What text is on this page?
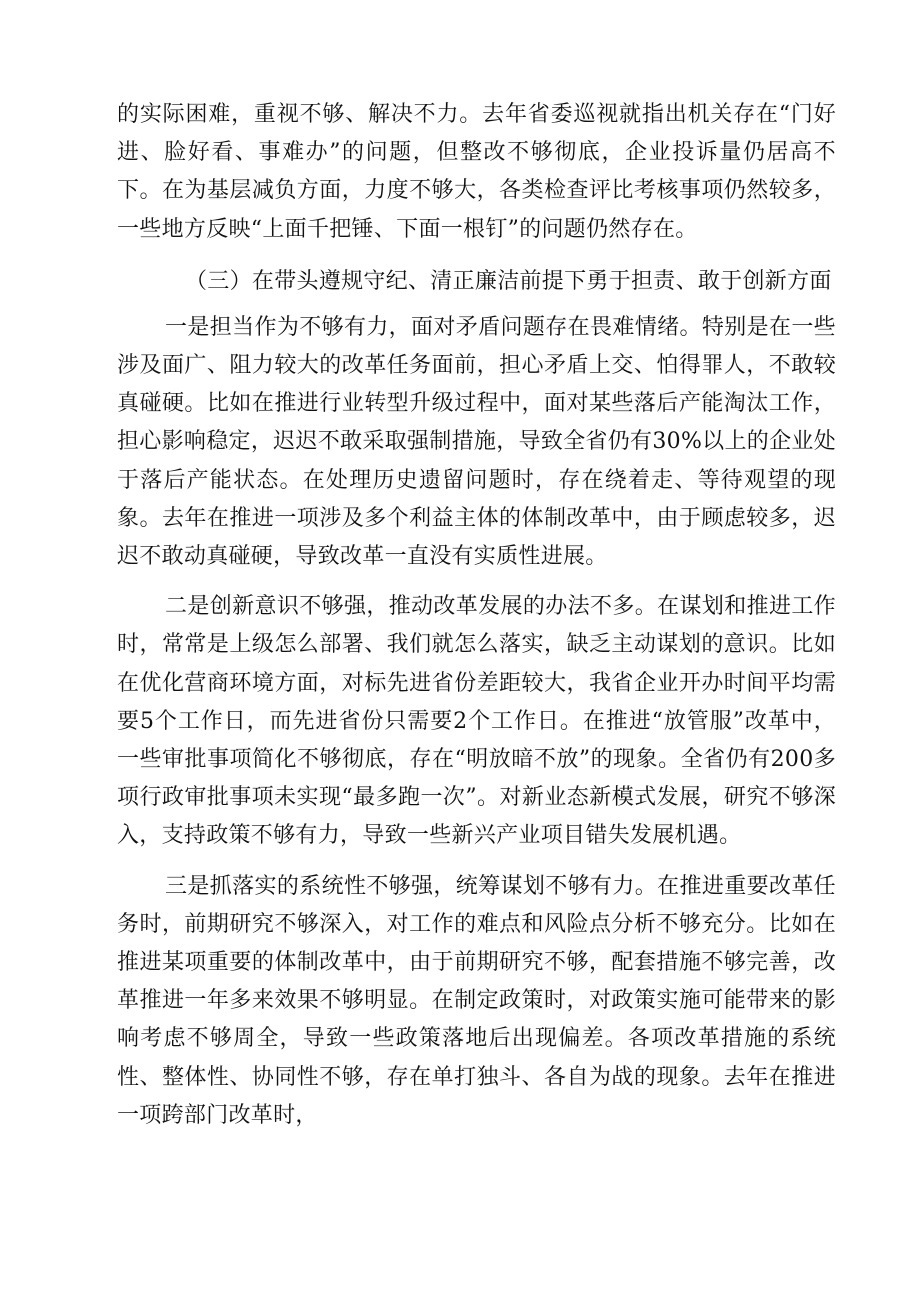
的实际困难，重视不够、解决不力。去年省委巡视就指出机关存在“门好进、脸好看、事难办”的问题，但整改不够彻底，企业投诉量仍居高不下。在为基层减负方面，力度不够大，各类检查评比考核事项仍然较多，一些地方反映“上面千把锤、下面一根钉”的问题仍然存在。

（三）在带头遵规守纪、清正廉洁前提下勇于担责、敢于创新方面

一是担当作为不够有力，面对矛盾问题存在畏难情绪。特别是在一些涉及面广、阻力较大的改革任务面前，担心矛盾上交、怕得罪人，不敢较真碰硬。比如在推进行业转型升级过程中，面对某些落后产能淘汰工作，担心影响稳定，迟迟不敢采取强制措施，导致全省仍有30%以上的企业处于落后产能状态。在处理历史遗留问题时，存在绕着走、等待观望的现象。去年在推进一项涉及多个利益主体的体制改革中，由于顾虑较多，迟迟不敢动真碰硬，导致改革一直没有实质性进展。

二是创新意识不够强，推动改革发展的办法不多。在谋划和推进工作时，常常是上级怎么部署、我们就怎么落实，缺乏主动谋划的意识。比如在优化营商环境方面，对标先进省份差距较大，我省企业开办时间平均需要5个工作日，而先进省份只需要2个工作日。在推进“放管服”改革中，一些审批事项简化不够彻底，存在“明放暗不放”的现象。全省仍有200多项行政审批事项未实现“最多跑一次”。对新业态新模式发展，研究不够深入，支持政策不够有力，导致一些新兴产业项目错失发展机遇。

三是抓落实的系统性不够强，统筹谋划不够有力。在推进重要改革任务时，前期研究不够深入，对工作的难点和风险点分析不够充分。比如在推进某项重要的体制改革中，由于前期研究不够，配套措施不够完善，改革推进一年多来效果不够明显。在制定政策时，对政策实施可能带来的影响考虑不够周全，导致一些政策落地后出现偏差。各项改革措施的系统性、整体性、协同性不够，存在单打独斗、各自为战的现象。去年在推进一项跨部门改革时，
